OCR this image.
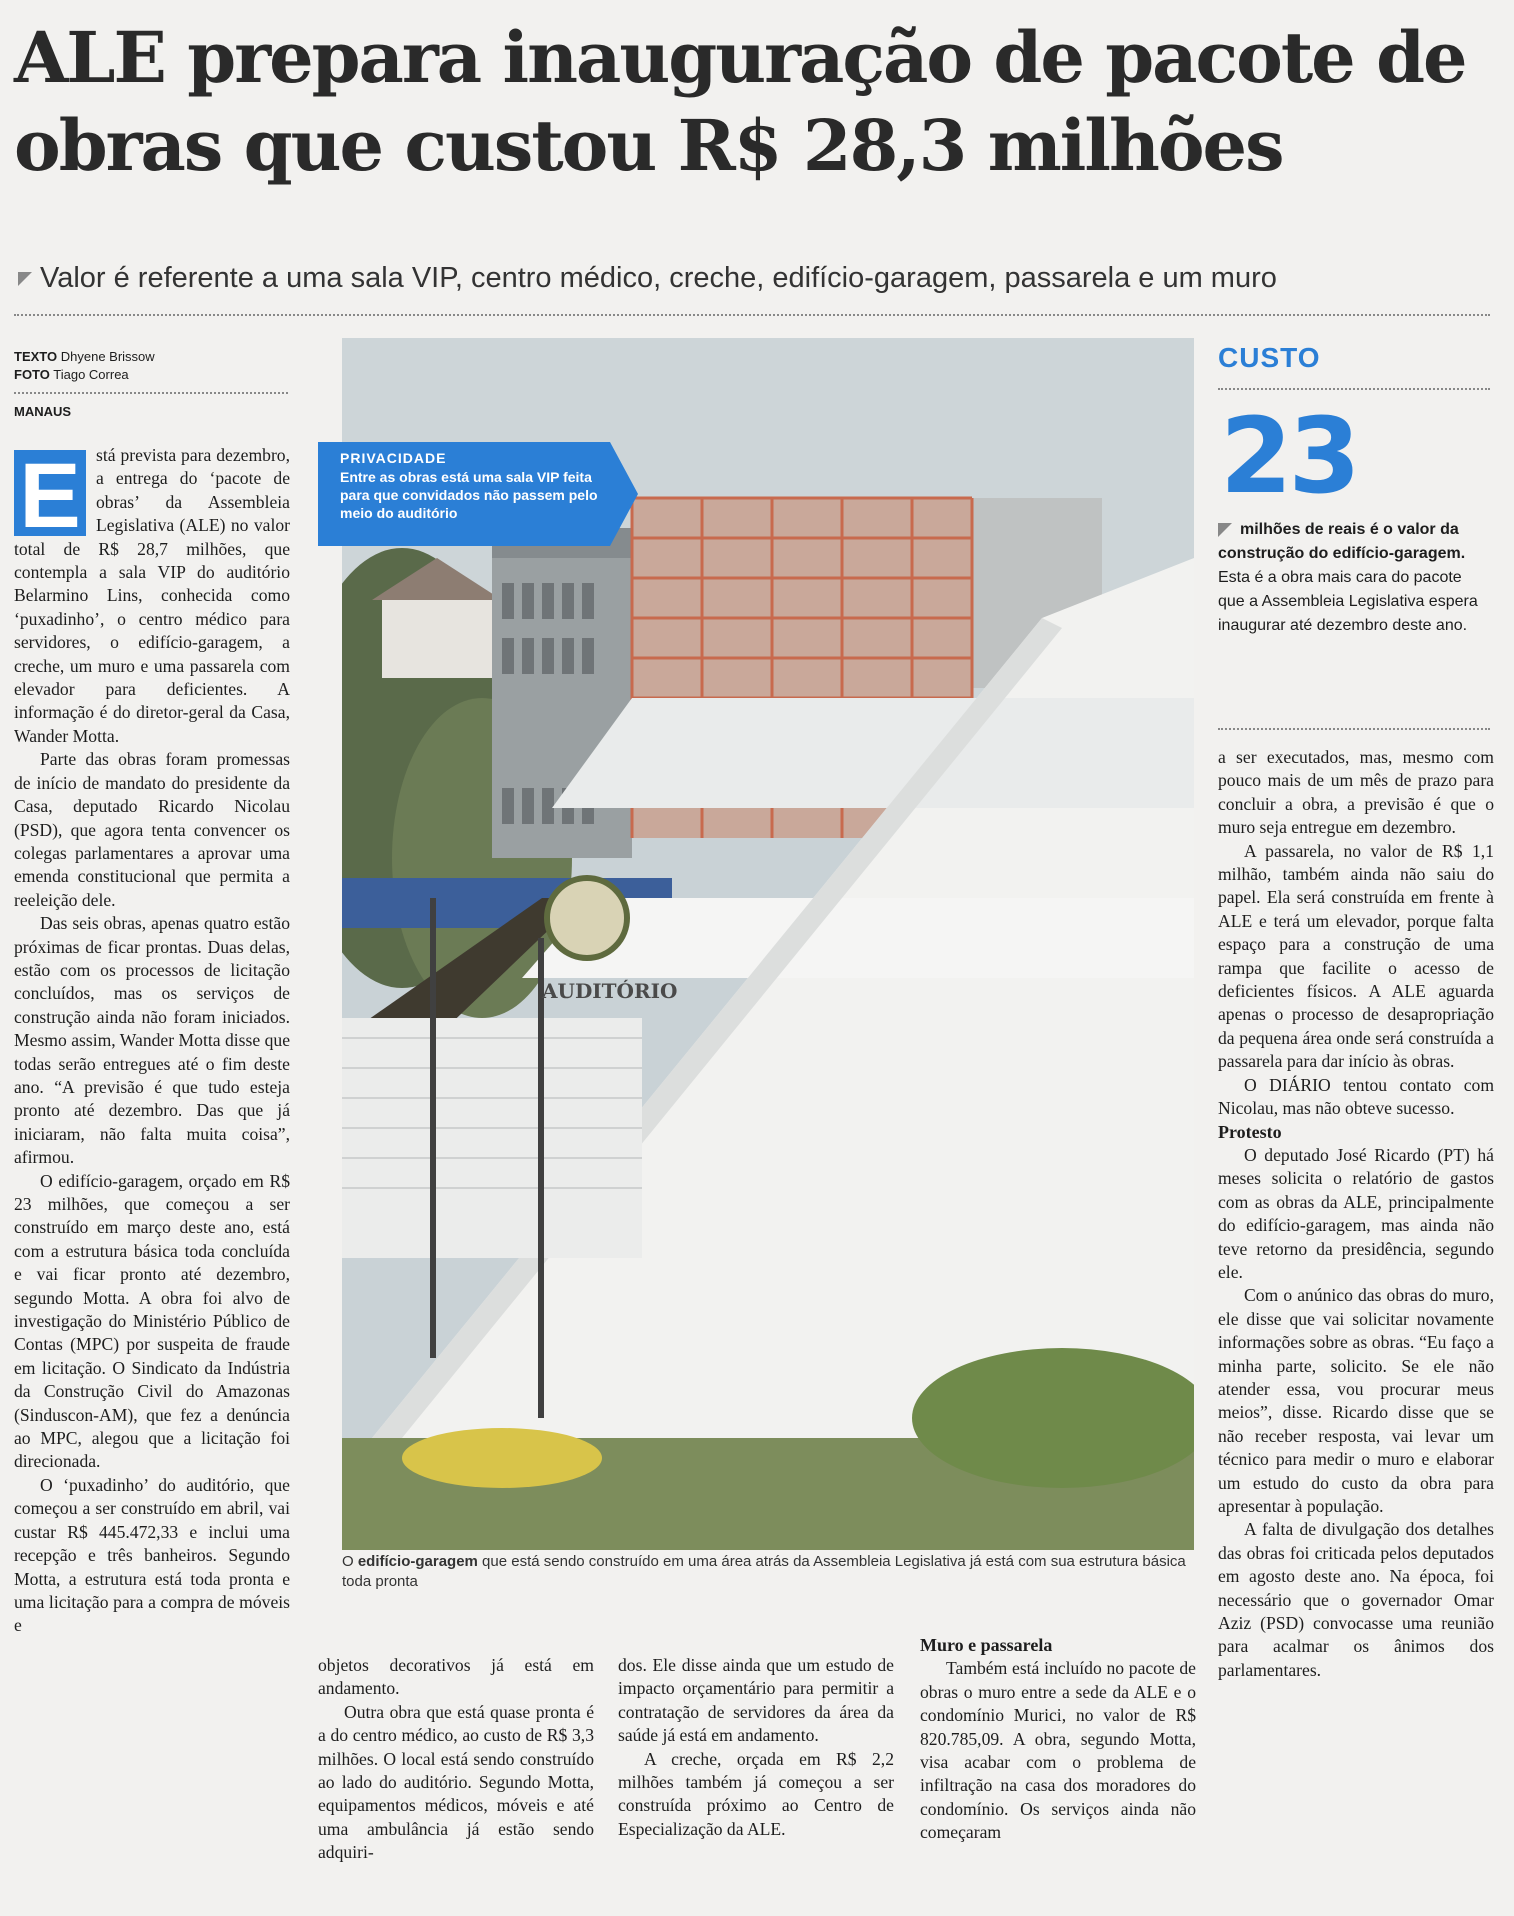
ALE prepara inauguração de pacote de obras que custou R$ 28,3 milhões
Valor é referente a uma sala VIP, centro médico, creche, edifício-garagem, passarela e um muro
TEXTO Dhyene Brissow
FOTO Tiago Correa
MANAUS

E stá prevista para dezembro, a entrega do ‘pacote de obras’ da Assembleia Legislativa (ALE) no valor total de R$ 28,7 milhões, que contempla a sala VIP do auditório Belarmino Lins, conhecida como ‘puxadinho’, o centro médico para servidores, o edifício-garagem, a creche, um muro e uma passarela com elevador para deficientes. A informação é do diretor-geral da Casa, Wander Motta.

Parte das obras foram promessas de início de mandato do presidente da Casa, deputado Ricardo Nicolau (PSD), que agora tenta convencer os colegas parlamentares a aprovar uma emenda constitucional que permita a reeleição dele.

Das seis obras, apenas quatro estão próximas de ficar prontas. Duas delas, estão com os processos de licitação concluídos, mas os serviços de construção ainda não foram iniciados. Mesmo assim, Wander Motta disse que todas serão entregues até o fim deste ano. “A previsão é que tudo esteja pronto até dezembro. Das que já iniciaram, não falta muita coisa”, afirmou.

O edifício-garagem, orçado em R$ 23 milhões, que começou a ser construído em março deste ano, está com a estrutura básica toda concluída e vai ficar pronto até dezembro, segundo Motta. A obra foi alvo de investigação do Ministério Público de Contas (MPC) por suspeita de fraude em licitação. O Sindicato da Indústria da Construção Civil do Amazonas (Sinduscon-AM), que fez a denúncia ao MPC, alegou que a licitação foi direcionada.

O ‘puxadinho’ do auditório, que começou a ser construído em abril, vai custar R$ 445.472,33 e inclui uma recepção e três banheiros. Segundo Motta, a estrutura está toda pronta e uma licitação para a compra de móveis e

AUDITÓRIO
PRIVACIDADE
Entre as obras está uma sala VIP feita para que convidados não passem pelo meio do auditório
O edifício-garagem que está sendo construído em uma área atrás da Assembleia Legislativa já está com sua estrutura básica toda pronta

objetos decorativos já está em andamento.

Outra obra que está quase pronta é a do centro médico, ao custo de R$ 3,3 milhões. O local está sendo construído ao lado do auditório. Segundo Motta, equipamentos médicos, móveis e até uma ambulância já estão sendo adquiri-

dos. Ele disse ainda que um estudo de impacto orçamentário para permitir a contratação de servidores da área da saúde já está em andamento.

A creche, orçada em R$ 2,2 milhões também já começou a ser construída próximo ao Centro de Especialização da ALE.

Muro e passarela

Também está incluído no pacote de obras o muro entre a sede da ALE e o condomínio Murici, no valor de R$ 820.785,09. A obra, segundo Motta, visa acabar com o problema de infiltração na casa dos moradores do condomínio. Os serviços ainda não começaram

CUSTO
23
milhões de reais é o valor da construção do edifício-garagem. Esta é a obra mais cara do pacote que a Assembleia Legislativa espera inaugurar até dezembro deste ano.

a ser executados, mas, mesmo com pouco mais de um mês de prazo para concluir a obra, a previsão é que o muro seja entregue em dezembro.

A passarela, no valor de R$ 1,1 milhão, também ainda não saiu do papel. Ela será construída em frente à ALE e terá um elevador, porque falta espaço para a construção de uma rampa que facilite o acesso de deficientes físicos. A ALE aguarda apenas o processo de desapropriação da pequena área onde será construída a passarela para dar início às obras.

O DIÁRIO tentou contato com Nicolau, mas não obteve sucesso.

Protesto

O deputado José Ricardo (PT) há meses solicita o relatório de gastos com as obras da ALE, principalmente do edifício-garagem, mas ainda não teve retorno da presidência, segundo ele.

Com o anúnico das obras do muro, ele disse que vai solicitar novamente informações sobre as obras. “Eu faço a minha parte, solicito. Se ele não atender essa, vou procurar meus meios”, disse. Ricardo disse que se não receber resposta, vai levar um técnico para medir o muro e elaborar um estudo do custo da obra para apresentar à população.

A falta de divulgação dos detalhes das obras foi criticada pelos deputados em agosto deste ano. Na época, foi necessário que o governador Omar Aziz (PSD) convocasse uma reunião para acalmar os ânimos dos parlamentares.
